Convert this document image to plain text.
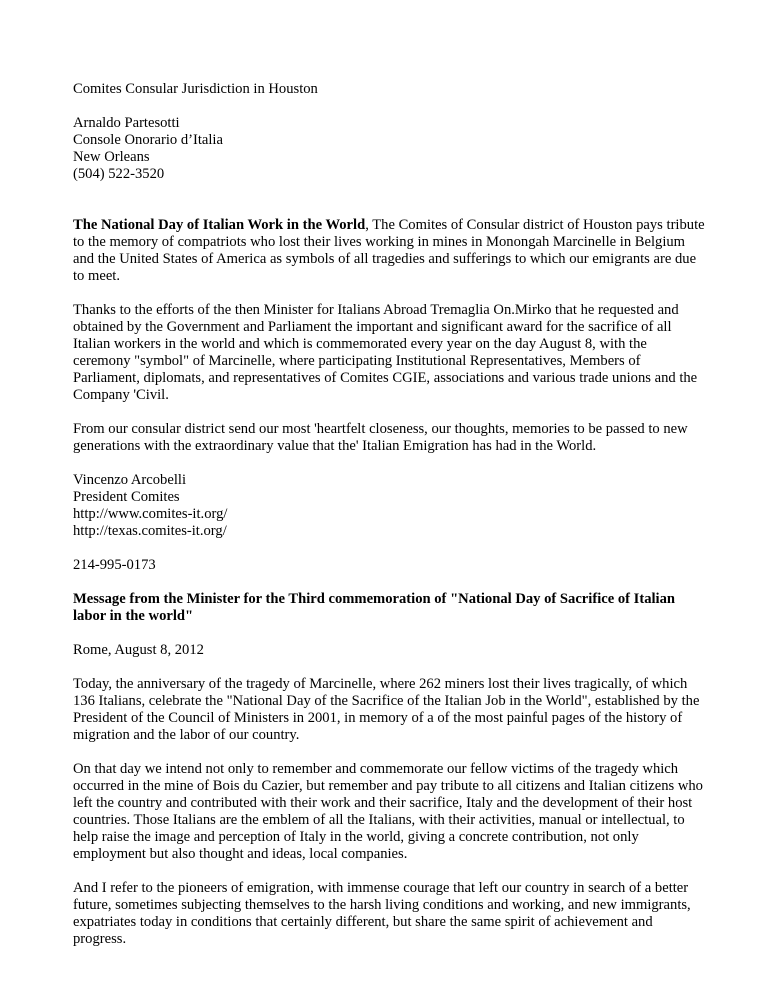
Comites Consular Jurisdiction in Houston
Arnaldo Partesotti
Console Onorario d’Italia
New Orleans
(504) 522-3520

The National Day of Italian Work in the World, The Comites of Consular district of Houston pays tribute to the memory of compatriots who lost their lives working in mines in Monongah Marcinelle in Belgium and the United States of America as symbols of all tragedies and sufferings to which our emigrants are due to meet.

Thanks to the efforts of the then Minister for Italians Abroad Tremaglia On.Mirko that he requested and obtained by the Government and Parliament the important and significant award for the sacrifice of all Italian workers in the world and which is commemorated every year on the day August 8, with the ceremony "symbol" of Marcinelle, where participating Institutional Representatives, Members of Parliament, diplomats, and representatives of Comites CGIE, associations and various trade unions and the Company 'Civil.

From our consular district send our most 'heartfelt closeness, our thoughts, memories to be passed to new generations with the extraordinary value that the' Italian Emigration has had in the World.

Vincenzo Arcobelli
President Comites
http://www.comites-it.org/
http://texas.comites-it.org/
214-995-0173

Message from the Minister for the Third commemoration of "National Day of Sacrifice of Italian labor in the world"

Rome, August 8, 2012

Today, the anniversary of the tragedy of Marcinelle, where 262 miners lost their lives tragically, of which 136 Italians, celebrate the "National Day of the Sacrifice of the Italian Job in the World", established by the President of the Council of Ministers in 2001, in memory of a of the most painful pages of the history of migration and the labor of our country.

On that day we intend not only to remember and commemorate our fellow victims of the tragedy which occurred in the mine of Bois du Cazier, but remember and pay tribute to all citizens and Italian citizens who left the country and contributed with their work and their sacrifice, Italy and the development of their host countries. Those Italians are the emblem of all the Italians, with their activities, manual or intellectual, to help raise the image and perception of Italy in the world, giving a concrete contribution, not only employment but also thought and ideas, local companies.

And I refer to the pioneers of emigration, with immense courage that left our country in search of a better future, sometimes subjecting themselves to the harsh living conditions and working, and new immigrants, expatriates today in conditions that certainly different, but share the same spirit of achievement and progress.
